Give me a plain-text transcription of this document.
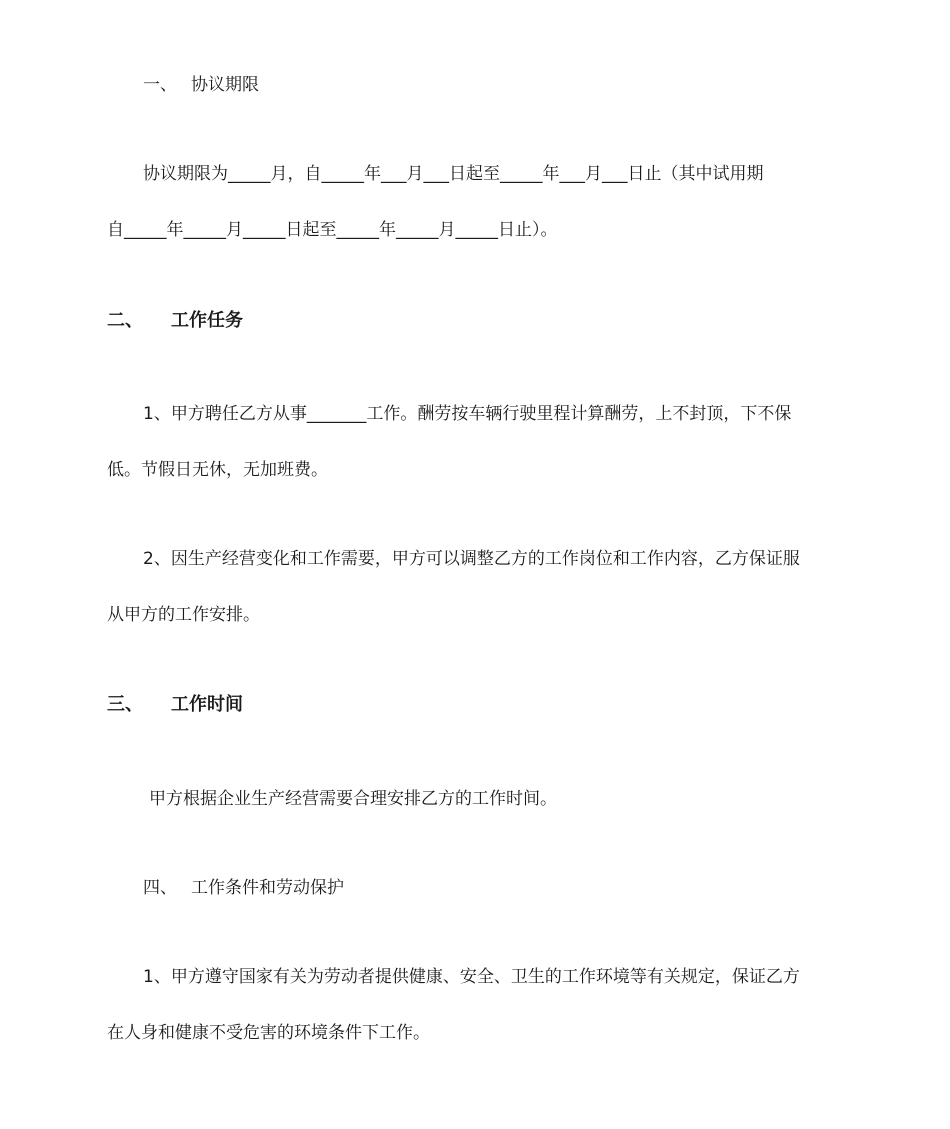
一、 协议期限
协议期限为_____月，自_____年___月___日起至_____年___月___日止（其中试用期
自_____年_____月_____日起至_____年_____月_____日止）。
二、 工作任务
1、甲方聘任乙方从事_______工作。酬劳按车辆行驶里程计算酬劳，上不封顶，下不保
低。节假日无休，无加班费。
2、因生产经营变化和工作需要，甲方可以调整乙方的工作岗位和工作内容，乙方保证服
从甲方的工作安排。
三、 工作时间
甲方根据企业生产经营需要合理安排乙方的工作时间。
四、 工作条件和劳动保护
1、甲方遵守国家有关为劳动者提供健康、安全、卫生的工作环境等有关规定，保证乙方
在人身和健康不受危害的环境条件下工作。
